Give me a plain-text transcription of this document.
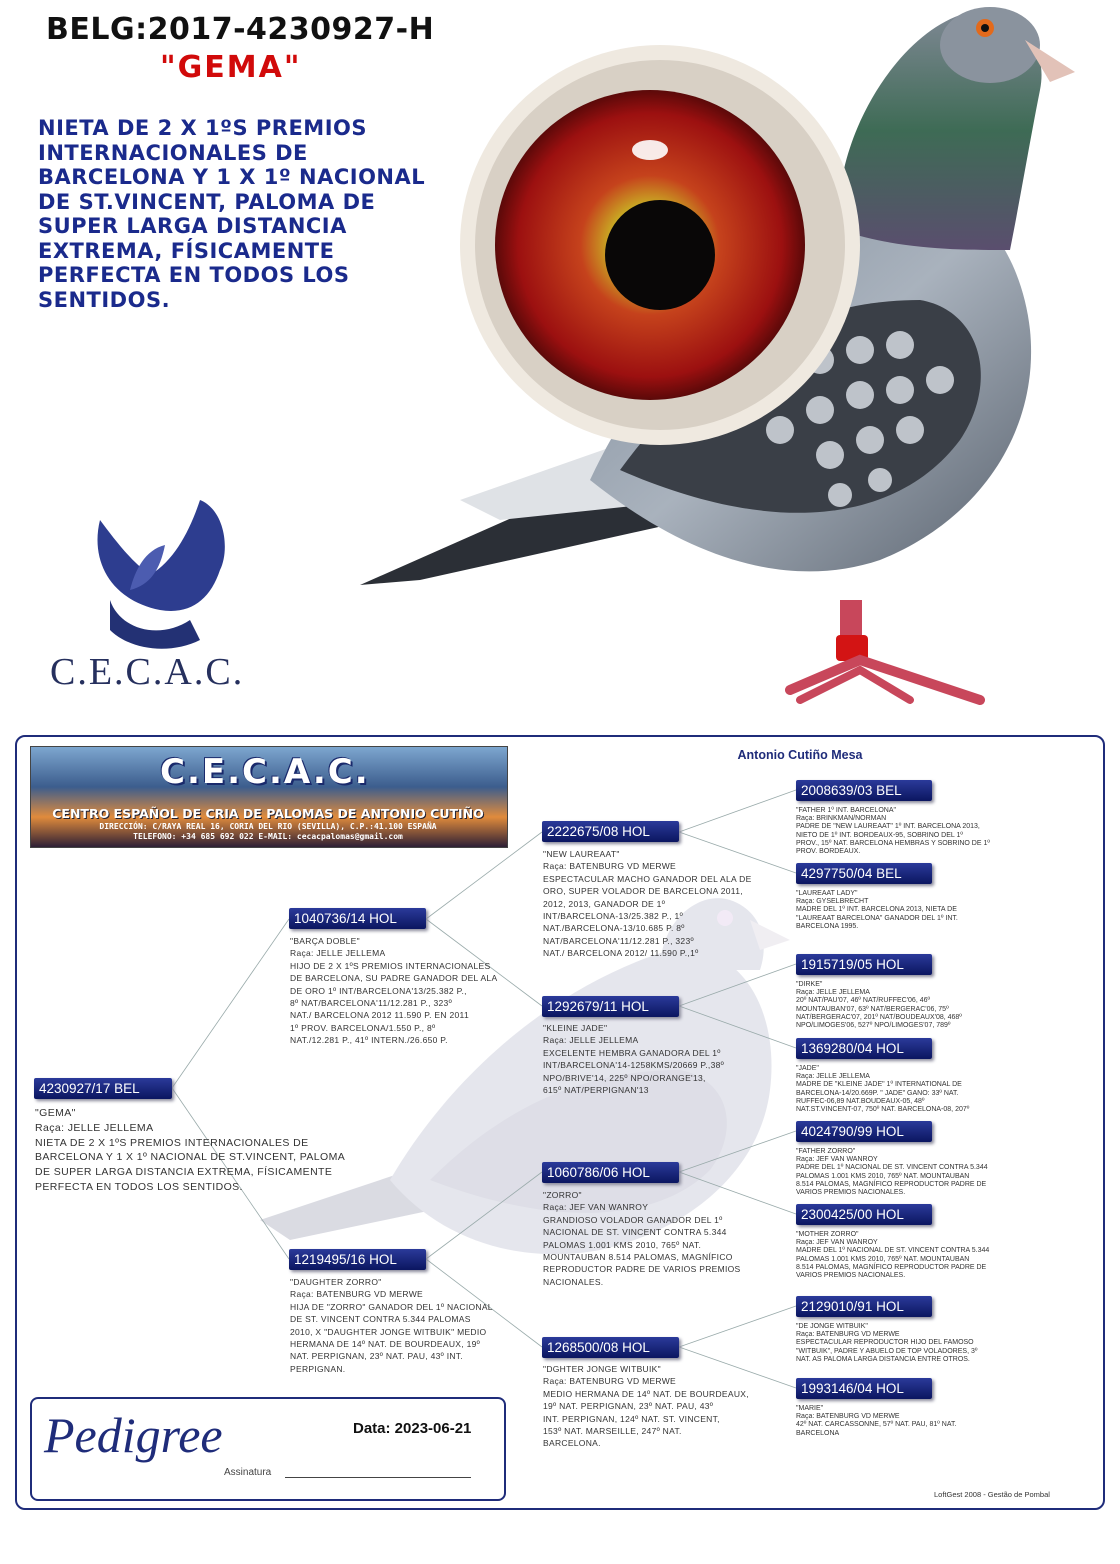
BELG:2017-4230927-H
"GEMA"
NIETA DE 2 X 1ºS PREMIOS INTERNACIONALES DE BARCELONA Y 1 X 1º NACIONAL DE ST.VINCENT, PALOMA DE SUPER LARGA DISTANCIA EXTREMA, FÍSICAMENTE PERFECTA EN TODOS LOS SENTIDOS.
C.E.C.A.C.
C.E.C.A.C.
CENTRO ESPAÑOL DE CRIA DE PALOMAS DE ANTONIO CUTIÑO
DIRECCIÓN: C/RAYA REAL 16, CORIA DEL RIO (SEVILLA), C.P.:41.100 ESPAÑA
TELEFONO: +34 685 692 022 E-MAIL: cecacpalomas@gmail.com
Antonio Cutiño Mesa
4230927/17 BEL
"GEMA"
Raça: JELLE JELLEMA
NIETA DE 2 X 1ºS PREMIOS INTERNACIONALES DE
BARCELONA Y 1 X 1º NACIONAL DE ST.VINCENT, PALOMA
DE SUPER LARGA DISTANCIA EXTREMA, FÍSICAMENTE
PERFECTA EN TODOS LOS SENTIDOS.
1040736/14 HOL
"BARÇA DOBLE"
Raça: JELLE JELLEMA
HIJO DE 2 X 1ºS PREMIOS INTERNACIONALES
DE BARCELONA, SU PADRE GANADOR DEL ALA
DE ORO 1º INT/BARCELONA'13/25.382 P.,
8º NAT/BARCELONA'11/12.281 P., 323º
NAT./ BARCELONA 2012 11.590 P. EN 2011
1º PROV. BARCELONA/1.550 P., 8º
NAT./12.281 P., 41º INTERN./26.650 P.
1219495/16 HOL
"DAUGHTER ZORRO"
Raça: BATENBURG VD MERWE
HIJA DE "ZORRO" GANADOR DEL 1º NACIONAL
DE ST. VINCENT CONTRA 5.344 PALOMAS
2010, X "DAUGHTER JONGE WITBUIK" MEDIO
HERMANA DE 14º NAT. DE BOURDEAUX, 19º
NAT. PERPIGNAN, 23º NAT. PAU, 43º INT.
PERPIGNAN.
2222675/08 HOL
"NEW LAUREAAT"
Raça: BATENBURG VD MERWE
ESPECTACULAR MACHO GANADOR DEL ALA DE
ORO, SUPER VOLADOR DE BARCELONA 2011,
2012, 2013, GANADOR DE 1º
INT/BARCELONA-13/25.382 P., 1º
NAT./BARCELONA-13/10.685 P. 8º
NAT/BARCELONA'11/12.281 P., 323º
NAT./ BARCELONA 2012/ 11.590 P.,1º
1292679/11 HOL
"KLEINE JADE"
Raça: JELLE JELLEMA
EXCELENTE HEMBRA GANADORA DEL 1º
INT/BARCELONA'14-1258KMS/20669 P.,38º
NPO/BRIVE'14, 225º NPO/ORANGE'13,
615º NAT/PERPIGNAN'13
1060786/06 HOL
"ZORRO"
Raça: JEF VAN WANROY
GRANDIOSO VOLADOR GANADOR DEL 1º
NACIONAL DE ST. VINCENT CONTRA 5.344
PALOMAS 1.001 KMS 2010, 765º NAT.
MOUNTAUBAN 8.514 PALOMAS, MAGNÍFICO
REPRODUCTOR PADRE DE VARIOS PREMIOS
NACIONALES.
1268500/08 HOL
"DGHTER JONGE WITBUIK"
Raça: BATENBURG VD MERWE
MEDIO HERMANA DE 14º NAT. DE BOURDEAUX,
19º NAT. PERPIGNAN, 23º NAT. PAU, 43º
INT. PERPIGNAN, 124º NAT. ST. VINCENT,
153º NAT. MARSEILLE, 247º NAT.
BARCELONA.
2008639/03 BEL
"FATHER 1º INT. BARCELONA"
Raça: BRINKMAN/NORMAN
PADRE DE "NEW LAUREAAT" 1º INT. BARCELONA 2013,
NIETO DE 1º INT. BORDEAUX-95, SOBRINO DEL 1º
PROV., 15º NAT. BARCELONA HEMBRAS Y SOBRINO DE 1º
PROV. BORDEAUX.
4297750/04 BEL
"LAUREAAT LADY"
Raça: GYSELBRECHT
MADRE DEL 1º INT. BARCELONA 2013, NIETA DE
"LAUREAAT BARCELONA" GANADOR DEL 1º INT.
BARCELONA 1995.
1915719/05 HOL
"DIRKE"
Raça: JELLE JELLEMA
20º NAT/PAU'07, 46º NAT/RUFFEC'06, 46º
MOUNTAUBAN'07, 63º NAT/BERGERAC'06, 75º
NAT/BERGERAC'07, 201º NAT/BOUDEAUX'08, 468º
NPO/LIMOGES'06, 527º NPO/LIMOGES'07, 789º
1369280/04 HOL
"JADE"
Raça: JELLE JELLEMA
MADRE DE "KLEINE JADE" 1º INTERNATIONAL DE
BARCELONA-14/20.669P. " JADE" GANO: 33º NAT.
RUFFEC-06,89 NAT.BOUDEAUX-05, 48º
NAT.ST.VINCENT-07, 750º NAT. BARCELONA-08, 207º
4024790/99 HOL
"FATHER ZORRO"
Raça: JEF VAN WANROY
PADRE DEL 1º NACIONAL DE ST. VINCENT CONTRA 5.344
PALOMAS 1.001 KMS 2010, 765º NAT. MOUNTAUBAN
8.514 PALOMAS, MAGNÍFICO REPRODUCTOR PADRE DE
VARIOS PREMIOS NACIONALES.
2300425/00 HOL
"MOTHER ZORRO"
Raça: JEF VAN WANROY
MADRE DEL 1º NACIONAL DE ST. VINCENT CONTRA 5.344
PALOMAS 1.001 KMS 2010, 765º NAT. MOUNTAUBAN
8.514 PALOMAS, MAGNÍFICO REPRODUCTOR PADRE DE
VARIOS PREMIOS NACIONALES.
2129010/91 HOL
"DE JONGE WITBUIK"
Raça: BATENBURG VD MERWE
ESPECTACULAR REPRODUCTOR HIJO DEL FAMOSO
"WITBUIK", PADRE Y ABUELO DE TOP VOLADORES, 3º
NAT. AS PALOMA LARGA DISTANCIA ENTRE OTROS.
1993146/04 HOL
"MARIE"
Raça: BATENBURG VD MERWE
42º NAT. CARCASSONNE, 57º NAT. PAU, 81º NAT.
BARCELONA
Pedigree	Data: 2023-06-21
Assinatura
LoftGest 2008 - Gestão de Pombal
